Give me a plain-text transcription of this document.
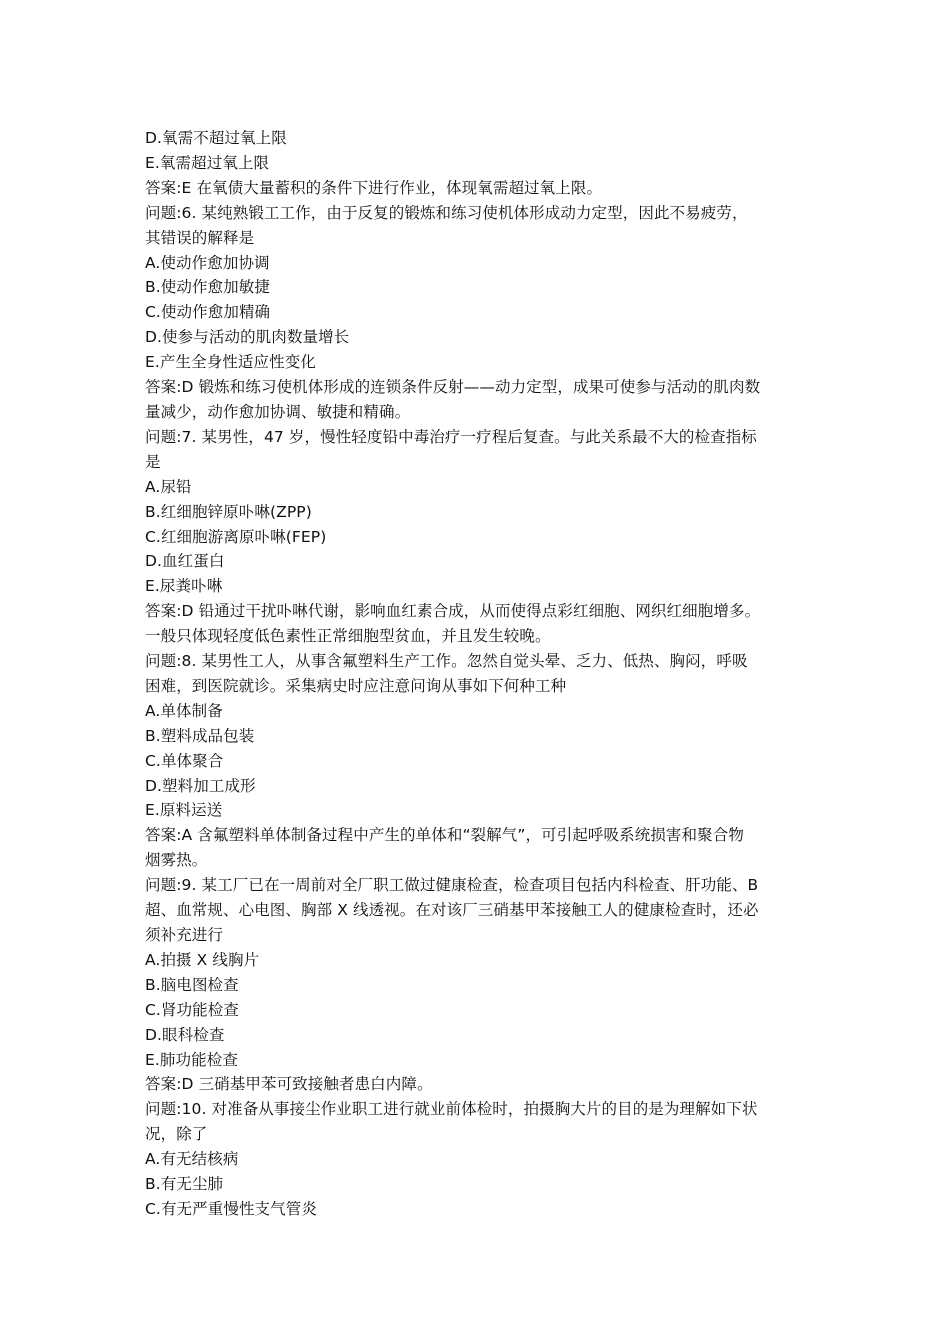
D.氧需不超过氧上限
E.氧需超过氧上限
答案:E 在氧债大量蓄积的条件下进行作业，体现氧需超过氧上限。
问题:6. 某纯熟锻工工作，由于反复的锻炼和练习使机体形成动力定型，因此不易疲劳，
其错误的解释是
A.使动作愈加协调
B.使动作愈加敏捷
C.使动作愈加精确
D.使参与活动的肌肉数量增长
E.产生全身性适应性变化
答案:D 锻炼和练习使机体形成的连锁条件反射——动力定型，成果可使参与活动的肌肉数
量减少，动作愈加协调、敏捷和精确。
问题:7. 某男性，47 岁，慢性轻度铅中毒治疗一疗程后复查。与此关系最不大的检查指标
是
A.尿铅
B.红细胞锌原卟啉(ZPP)
C.红细胞游离原卟啉(FEP)
D.血红蛋白
E.尿粪卟啉
答案:D 铅通过干扰卟啉代谢，影响血红素合成，从而使得点彩红细胞、网织红细胞增多。
一般只体现轻度低色素性正常细胞型贫血，并且发生较晚。
问题:8. 某男性工人，从事含氟塑料生产工作。忽然自觉头晕、乏力、低热、胸闷，呼吸
困难，到医院就诊。采集病史时应注意问询从事如下何种工种
A.单体制备
B.塑料成品包装
C.单体聚合
D.塑料加工成形
E.原料运送
答案:A 含氟塑料单体制备过程中产生的单体和“裂解气”，可引起呼吸系统损害和聚合物
烟雾热。
问题:9. 某工厂已在一周前对全厂职工做过健康检查，检查项目包括内科检查、肝功能、B
超、血常规、心电图、胸部 X 线透视。在对该厂三硝基甲苯接触工人的健康检查时，还必
须补充进行
A.拍摄 X 线胸片
B.脑电图检查
C.肾功能检查
D.眼科检查
E.肺功能检查
答案:D 三硝基甲苯可致接触者患白内障。
问题:10. 对准备从事接尘作业职工进行就业前体检时，拍摄胸大片的目的是为理解如下状
况，除了
A.有无结核病
B.有无尘肺
C.有无严重慢性支气管炎
